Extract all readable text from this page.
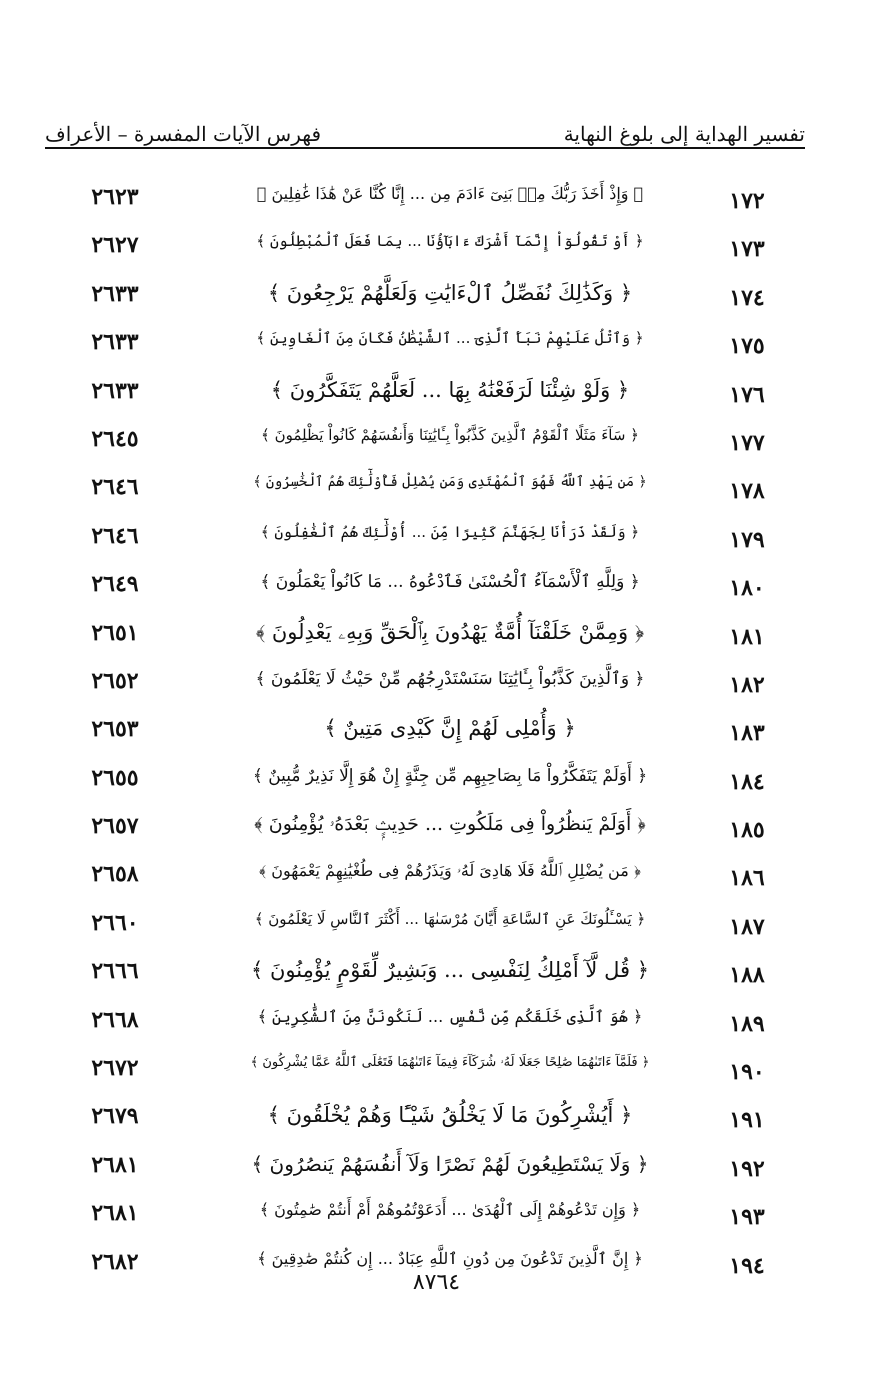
تفسير الهداية إلى بلوغ النهاية
فهرس الآيات المفسرة – الأعراف
١٧٢
﴿ وَإِذْ أَخَذَ رَبُّكَ مِنۢ بَنِىٓ ءَادَمَ مِن ... إِنَّا كُنَّا عَنْ هَٰذَا غَٰفِلِينَ ﴾
٢٦٢٣
١٧٣
﴿ أَوْ تَقُولُوٓاْ إِنَّمَآ أَشْرَكَ ءَابَآؤُنَا ... بِمَا فَعَلَ ٱلْمُبْطِلُونَ ﴾
٢٦٢٧
١٧٤
﴿ وَكَذَٰلِكَ نُفَصِّلُ ٱلْءَايَٰتِ وَلَعَلَّهُمْ يَرْجِعُونَ ﴾
٢٦٣٣
١٧٥
﴿ وَٱتْلُ عَلَيْهِمْ نَبَأَ ٱلَّذِىٓ ... ٱلشَّيْطَٰنُ فَكَانَ مِنَ ٱلْغَاوِينَ ﴾
٢٦٣٣
١٧٦
﴿ وَلَوْ شِئْنَا لَرَفَعْنَٰهُ بِهَا ... لَعَلَّهُمْ يَتَفَكَّرُونَ ﴾
٢٦٣٣
١٧٧
﴿ سَآءَ مَثَلًا ٱلْقَوْمُ ٱلَّذِينَ كَذَّبُواْ بِـَٔايَٰتِنَا وَأَنفُسَهُمْ كَانُواْ يَظْلِمُونَ ﴾
٢٦٤٥
١٧٨
﴿ مَن يَهْدِ ٱللَّهُ فَهُوَ ٱلْمُهْتَدِى وَمَن يُضْلِلْ فَأُوْلَٰٓئِكَ هُمُ ٱلْخَٰسِرُونَ ﴾
٢٦٤٦
١٧٩
﴿ وَلَقَدْ ذَرَأْنَا لِجَهَنَّمَ كَثِيرًا مِّنَ ... أُوْلَٰٓئِكَ هُمُ ٱلْغَٰفِلُونَ ﴾
٢٦٤٦
١٨٠
﴿ وَلِلَّهِ ٱلْأَسْمَآءُ ٱلْحُسْنَىٰ فَٱدْعُوهُ ... مَا كَانُواْ يَعْمَلُونَ ﴾
٢٦٤٩
١٨١
﴿ وَمِمَّنْ خَلَقْنَآ أُمَّةٌ يَهْدُونَ بِٱلْحَقِّ وَبِهِۦ يَعْدِلُونَ ﴾
٢٦٥١
١٨٢
﴿ وَٱلَّذِينَ كَذَّبُواْ بِـَٔايَٰتِنَا سَنَسْتَدْرِجُهُم مِّنْ حَيْثُ لَا يَعْلَمُونَ ﴾
٢٦٥٢
١٨٣
﴿ وَأُمْلِى لَهُمْ إِنَّ كَيْدِى مَتِينٌ ﴾
٢٦٥٣
١٨٤
﴿ أَوَلَمْ يَتَفَكَّرُواْ مَا بِصَاحِبِهِم مِّن جِنَّةٍ إِنْ هُوَ إِلَّا نَذِيرٌ مُّبِينٌ ﴾
٢٦٥٥
١٨٥
﴿ أَوَلَمْ يَنظُرُواْ فِى مَلَكُوتِ ... حَدِيثٍۭ بَعْدَهُۥ يُؤْمِنُونَ ﴾
٢٦٥٧
١٨٦
﴿ مَن يُضْلِلِ ٱللَّهُ فَلَا هَادِىَ لَهُۥ وَيَذَرُهُمْ فِى طُغْيَٰنِهِمْ يَعْمَهُونَ ﴾
٢٦٥٨
١٨٧
﴿ يَسْـَٔلُونَكَ عَنِ ٱلسَّاعَةِ أَيَّانَ مُرْسَىٰهَا ... أَكْثَرَ ٱلنَّاسِ لَا يَعْلَمُونَ ﴾
٢٦٦٠
١٨٨
﴿ قُل لَّآ أَمْلِكُ لِنَفْسِى ... وَبَشِيرٌ لِّقَوْمٍ يُؤْمِنُونَ ﴾
٢٦٦٦
١٨٩
﴿ هُوَ ٱلَّذِى خَلَقَكُم مِّن نَّفْسٍ ... لَنَكُونَنَّ مِنَ ٱلشَّٰكِرِينَ ﴾
٢٦٦٨
١٩٠
﴿ فَلَمَّآ ءَاتَىٰهُمَا صَٰلِحًا جَعَلَا لَهُۥ شُرَكَآءَ فِيمَآ ءَاتَىٰهُمَا فَتَعَٰلَى ٱللَّهُ عَمَّا يُشْرِكُونَ ﴾
٢٦٧٢
١٩١
﴿ أَيُشْرِكُونَ مَا لَا يَخْلُقُ شَيْـًٔا وَهُمْ يُخْلَقُونَ ﴾
٢٦٧٩
١٩٢
﴿ وَلَا يَسْتَطِيعُونَ لَهُمْ نَصْرًا وَلَآ أَنفُسَهُمْ يَنصُرُونَ ﴾
٢٦٨١
١٩٣
﴿ وَإِن تَدْعُوهُمْ إِلَى ٱلْهُدَىٰ ... أَدَعَوْتُمُوهُمْ أَمْ أَنتُمْ صَٰمِتُونَ ﴾
٢٦٨١
١٩٤
﴿ إِنَّ ٱلَّذِينَ تَدْعُونَ مِن دُونِ ٱللَّهِ عِبَادٌ ... إِن كُنتُمْ صَٰدِقِينَ ﴾
٢٦٨٢
٨٧٦٤
